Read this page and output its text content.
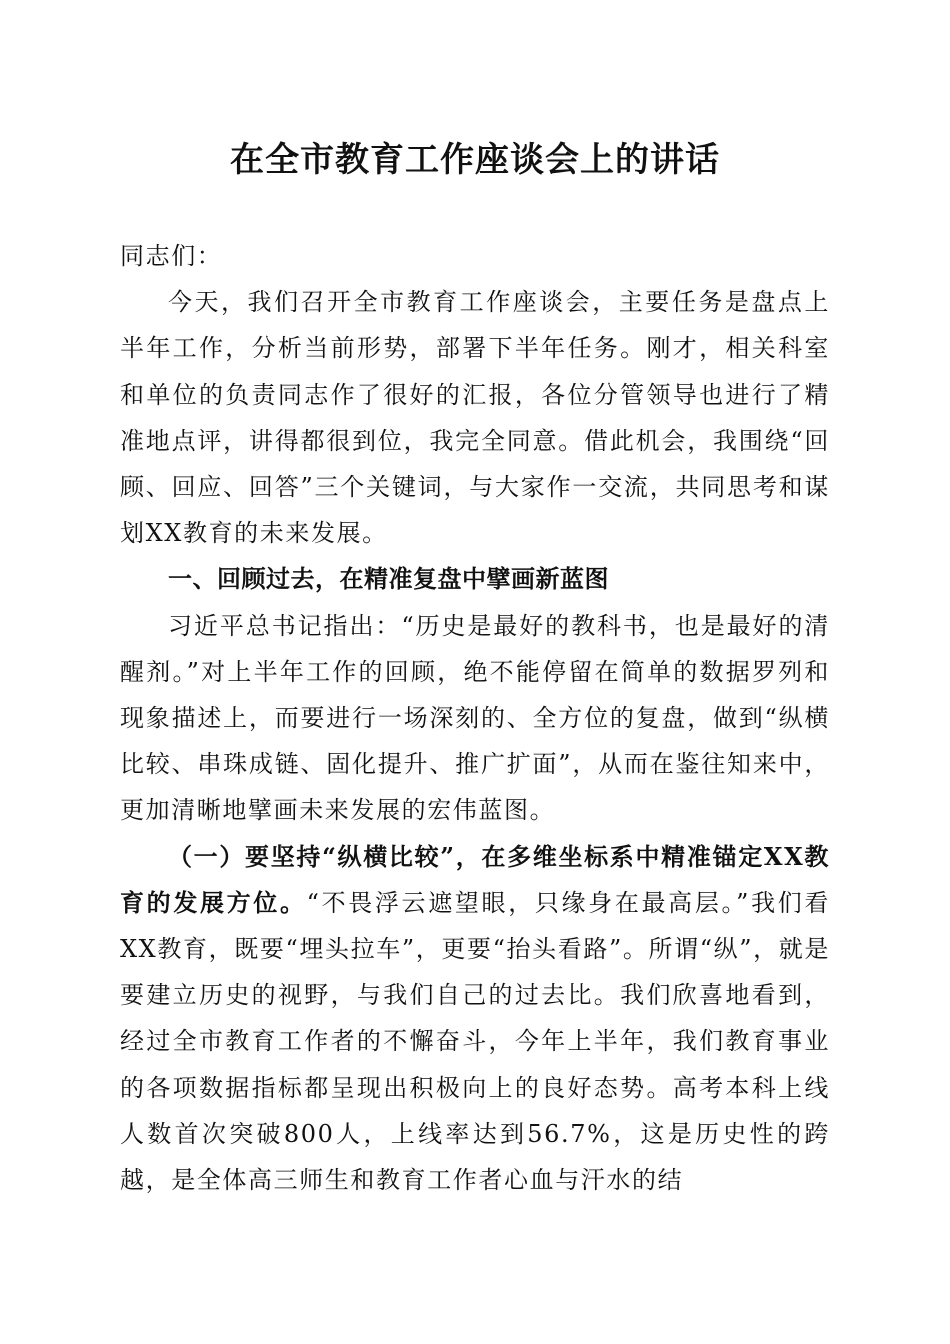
在全市教育工作座谈会上的讲话

同志们：

今天，我们召开全市教育工作座谈会，主要任务是盘点上半年工作，分析当前形势，部署下半年任务。刚才，相关科室和单位的负责同志作了很好的汇报，各位分管领导也进行了精准地点评，讲得都很到位，我完全同意。借此机会，我围绕“回顾、回应、回答”三个关键词，与大家作一交流，共同思考和谋划XX教育的未来发展。

一、回顾过去，在精准复盘中擘画新蓝图

习近平总书记指出：“历史是最好的教科书，也是最好的清醒剂。”对上半年工作的回顾，绝不能停留在简单的数据罗列和现象描述上，而要进行一场深刻的、全方位的复盘，做到“纵横比较、串珠成链、固化提升、推广扩面”，从而在鉴往知来中，更加清晰地擘画未来发展的宏伟蓝图。

（一）要坚持“纵横比较”，在多维坐标系中精准锚定XX教育的发展方位。“不畏浮云遮望眼，只缘身在最高层。”我们看XX教育，既要“埋头拉车”，更要“抬头看路”。所谓“纵”，就是要建立历史的视野，与我们自己的过去比。我们欣喜地看到，经过全市教育工作者的不懈奋斗，今年上半年，我们教育事业的各项数据指标都呈现出积极向上的良好态势。高考本科上线人数首次突破800人，上线率达到56.7%，这是历史性的跨越，是全体高三师生和教育工作者心血与汗水的结
